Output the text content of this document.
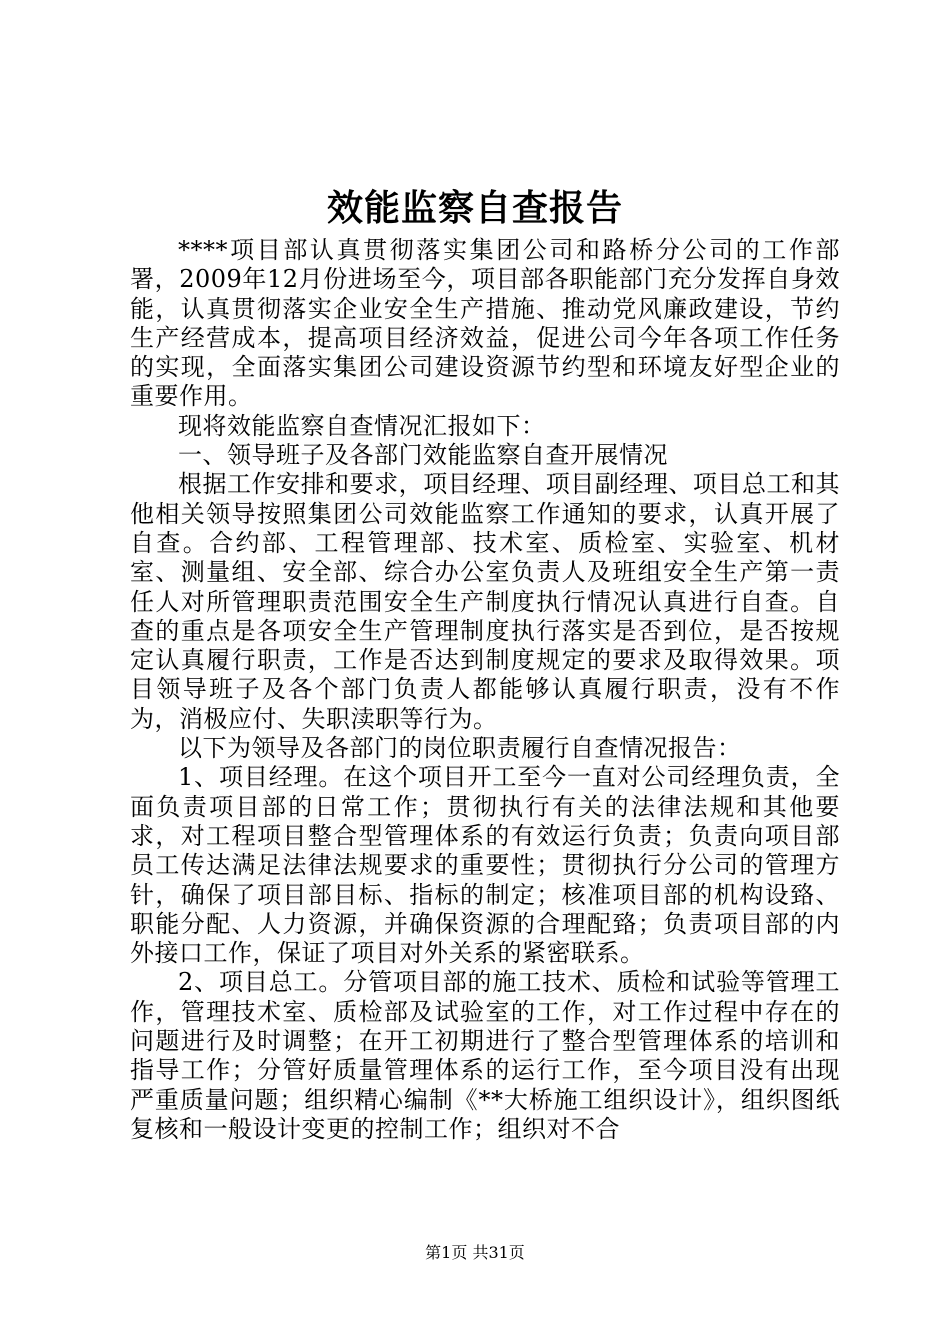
效能监察自查报告

****项目部认真贯彻落实集团公司和路桥分公司的工作部署，2009年12月份进场至今，项目部各职能部门充分发挥自身效能，认真贯彻落实企业安全生产措施、推动党风廉政建设，节约生产经营成本，提高项目经济效益，促进公司今年各项工作任务的实现，全面落实集团公司建设资源节约型和环境友好型企业的重要作用。

现将效能监察自查情况汇报如下：

一、领导班子及各部门效能监察自查开展情况

根据工作安排和要求，项目经理、项目副经理、项目总工和其他相关领导按照集团公司效能监察工作通知的要求，认真开展了自查。合约部、工程管理部、技术室、质检室、实验室、机材室、测量组、安全部、综合办公室负责人及班组安全生产第一责任人对所管理职责范围安全生产制度执行情况认真进行自查。自查的重点是各项安全生产管理制度执行落实是否到位，是否按规定认真履行职责，工作是否达到制度规定的要求及取得效果。项目领导班子及各个部门负责人都能够认真履行职责，没有不作为，消极应付、失职渎职等行为。

以下为领导及各部门的岗位职责履行自查情况报告：

1、项目经理。在这个项目开工至今一直对公司经理负责，全面负责项目部的日常工作；贯彻执行有关的法律法规和其他要求，对工程项目整合型管理体系的有效运行负责；负责向项目部员工传达满足法律法规要求的重要性；贯彻执行分公司的管理方针，确保了项目部目标、指标的制定；核准项目部的机构设臵、职能分配、人力资源，并确保资源的合理配臵；负责项目部的内外接口工作，保证了项目对外关系的紧密联系。

2、项目总工。分管项目部的施工技术、质检和试验等管理工作，管理技术室、质检部及试验室的工作，对工作过程中存在的问题进行及时调整；在开工初期进行了整合型管理体系的培训和指导工作；分管好质量管理体系的运行工作，至今项目没有出现严重质量问题；组织精心编制《**大桥施工组织设计》，组织图纸复核和一般设计变更的控制工作；组织对不合

第1页 共31页
